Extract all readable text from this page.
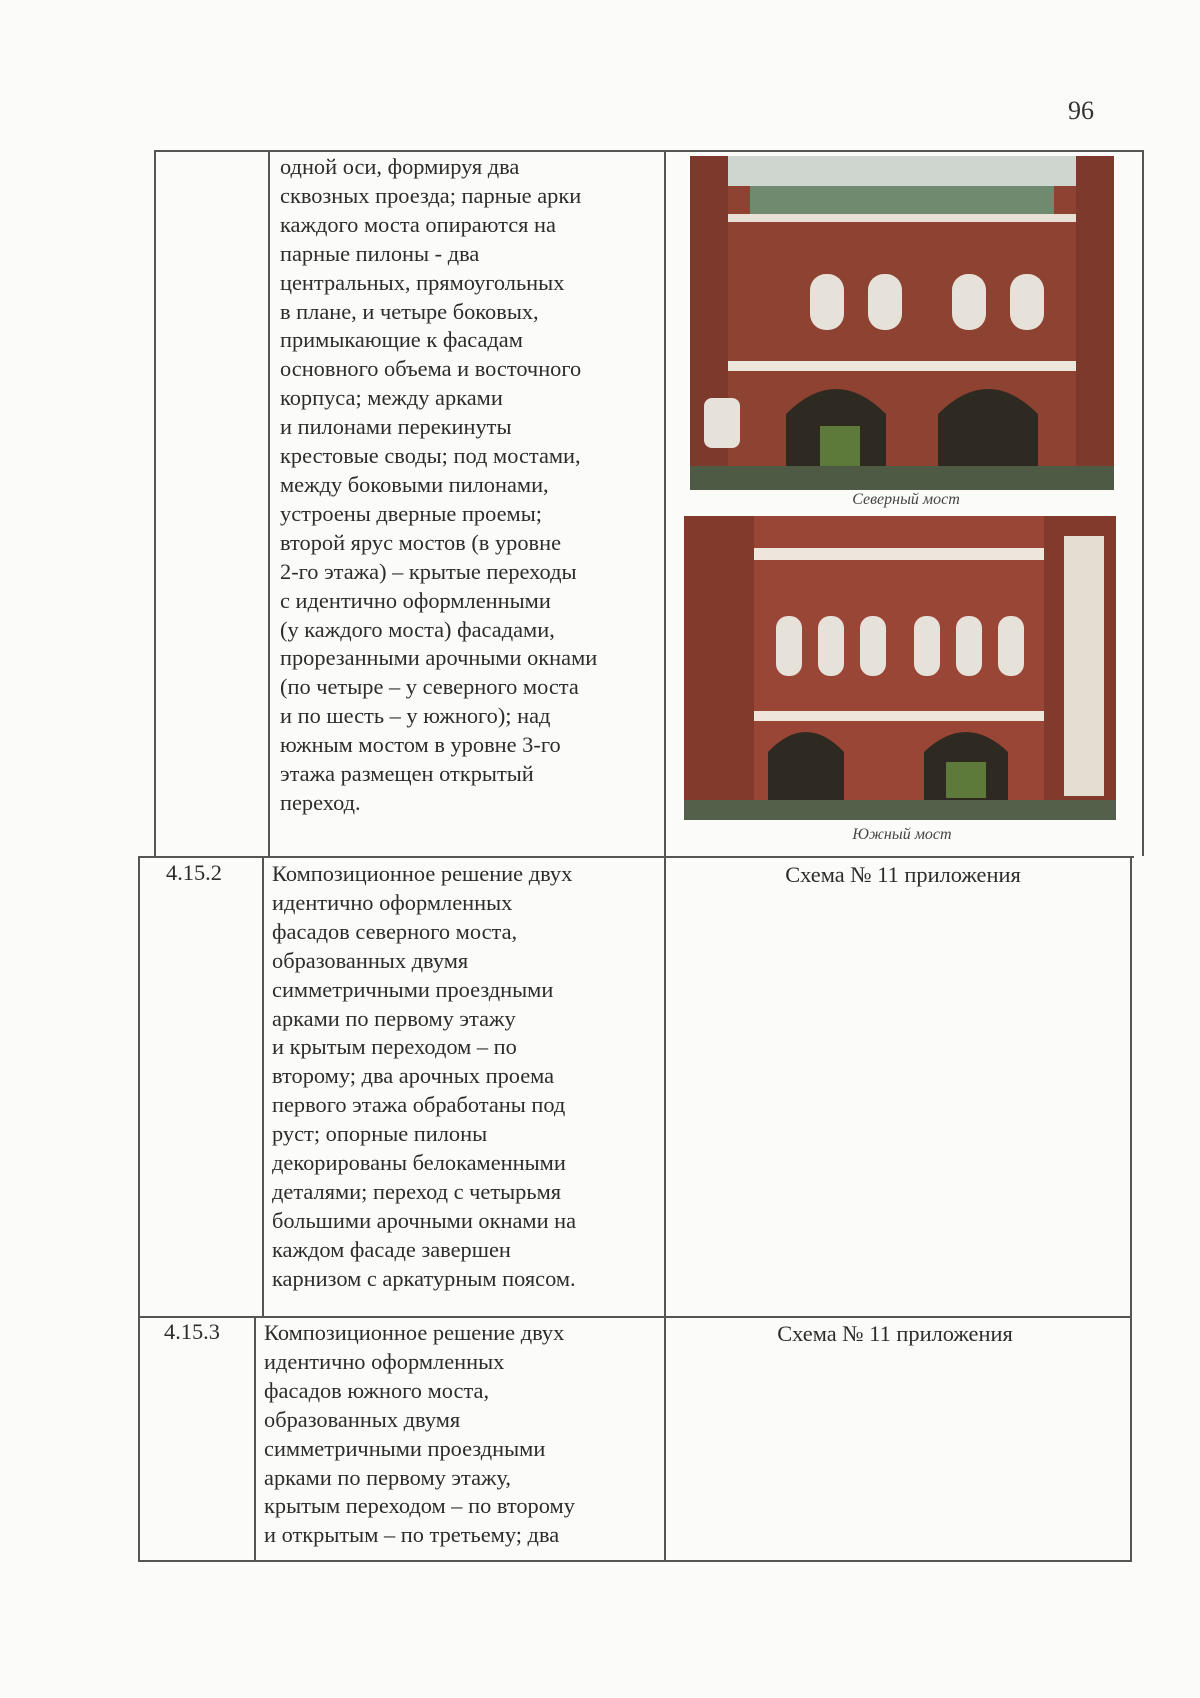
96
одной оси, формируя два
сквозных проезда; парные арки
каждого моста опираются на
парные пилоны - два
центральных, прямоугольных
в плане, и четыре боковых,
примыкающие к фасадам
основного объема и восточного
корпуса; между арками
и пилонами перекинуты
крестовые своды; под мостами,
между боковыми пилонами,
устроены дверные проемы;
второй ярус мостов (в уровне
2-го этажа) – крытые переходы
с идентично оформленными
(у каждого моста) фасадами,
прорезанными арочными окнами
(по четыре – у северного моста
и по шесть – у южного); над
южным мостом в уровне 3-го
этажа размещен открытый
переход.
Северный мост
Южный мост
4.15.2 Композиционное решение двух
идентично оформленных
фасадов северного моста,
образованных двумя
симметричными проездными
арками по первому этажу
и крытым переходом – по
второму; два арочных проема
первого этажа обработаны под
руст; опорные пилоны
декорированы белокаменными
деталями; переход с четырьмя
большими арочными окнами на
каждом фасаде завершен
карнизом с аркатурным поясом.
Схема № 11 приложения
4.15.3 Композиционное решение двух
идентично оформленных
фасадов южного моста,
образованных двумя
симметричными проездными
арками по первому этажу,
крытым переходом – по второму
и открытым – по третьему; два
Схема № 11 приложения
